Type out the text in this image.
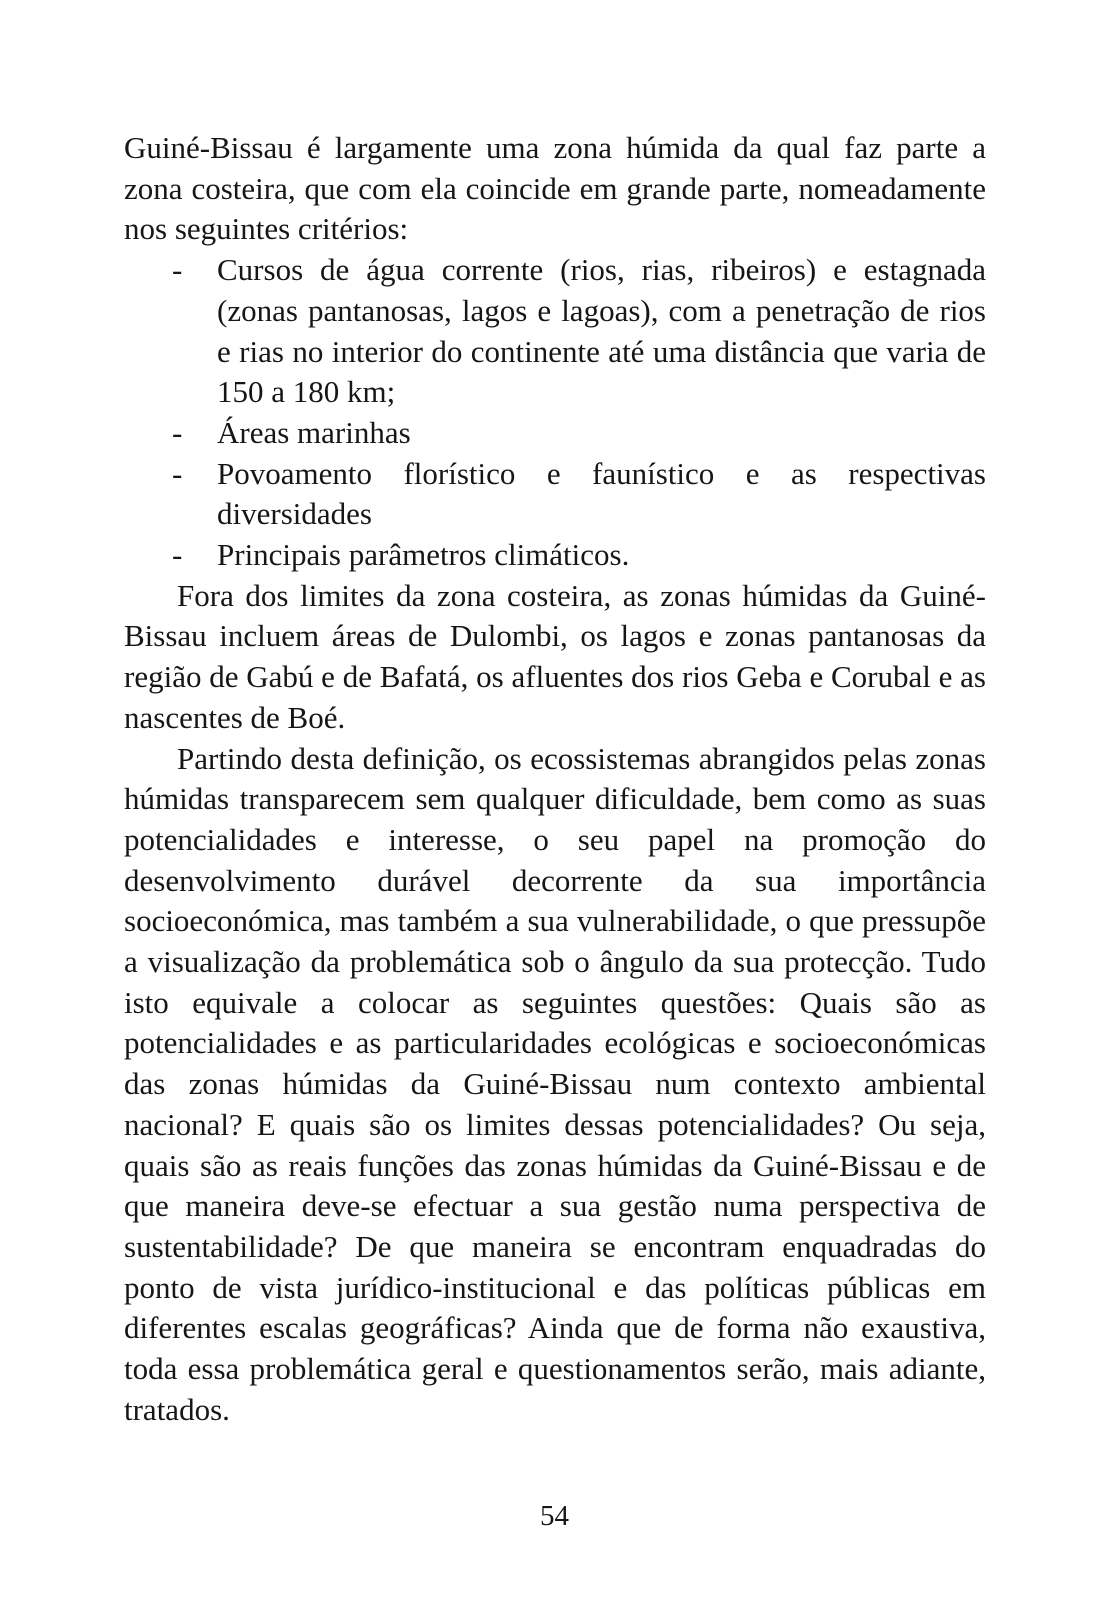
Guiné-Bissau é largamente uma zona húmida da qual faz parte a zona costeira, que com ela coincide em grande parte, nomeadamente nos seguintes critérios:

- Cursos de água corrente (rios, rias, ribeiros) e estagnada (zonas pantanosas, lagos e lagoas), com a penetração de rios e rias no interior do continente até uma distância que varia de 150 a 180 km;
- Áreas marinhas
- Povoamento florístico e faunístico e as respectivas diversidades
- Principais parâmetros climáticos.

Fora dos limites da zona costeira, as zonas húmidas da Guiné-Bissau incluem áreas de Dulombi, os lagos e zonas pantanosas da região de Gabú e de Bafatá, os afluentes dos rios Geba e Corubal e as nascentes de Boé.

Partindo desta definição, os ecossistemas abrangidos pelas zonas húmidas transparecem sem qualquer dificuldade, bem como as suas potencialidades e interesse, o seu papel na promoção do desenvolvimento durável decorrente da sua importância socioeconómica, mas também a sua vulnerabilidade, o que pressupõe a visualização da problemática sob o ângulo da sua protecção. Tudo isto equivale a colocar as seguintes questões: Quais são as potencialidades e as particularidades ecológicas e socioeconómicas das zonas húmidas da Guiné-Bissau num contexto ambiental nacional? E quais são os limites dessas potencialidades? Ou seja, quais são as reais funções das zonas húmidas da Guiné-Bissau e de que maneira deve-se efectuar a sua gestão numa perspectiva de sustentabilidade? De que maneira se encontram enquadradas do ponto de vista jurídico-institucional e das políticas públicas em diferentes escalas geográficas? Ainda que de forma não exaustiva, toda essa problemática geral e questionamentos serão, mais adiante, tratados.

54
